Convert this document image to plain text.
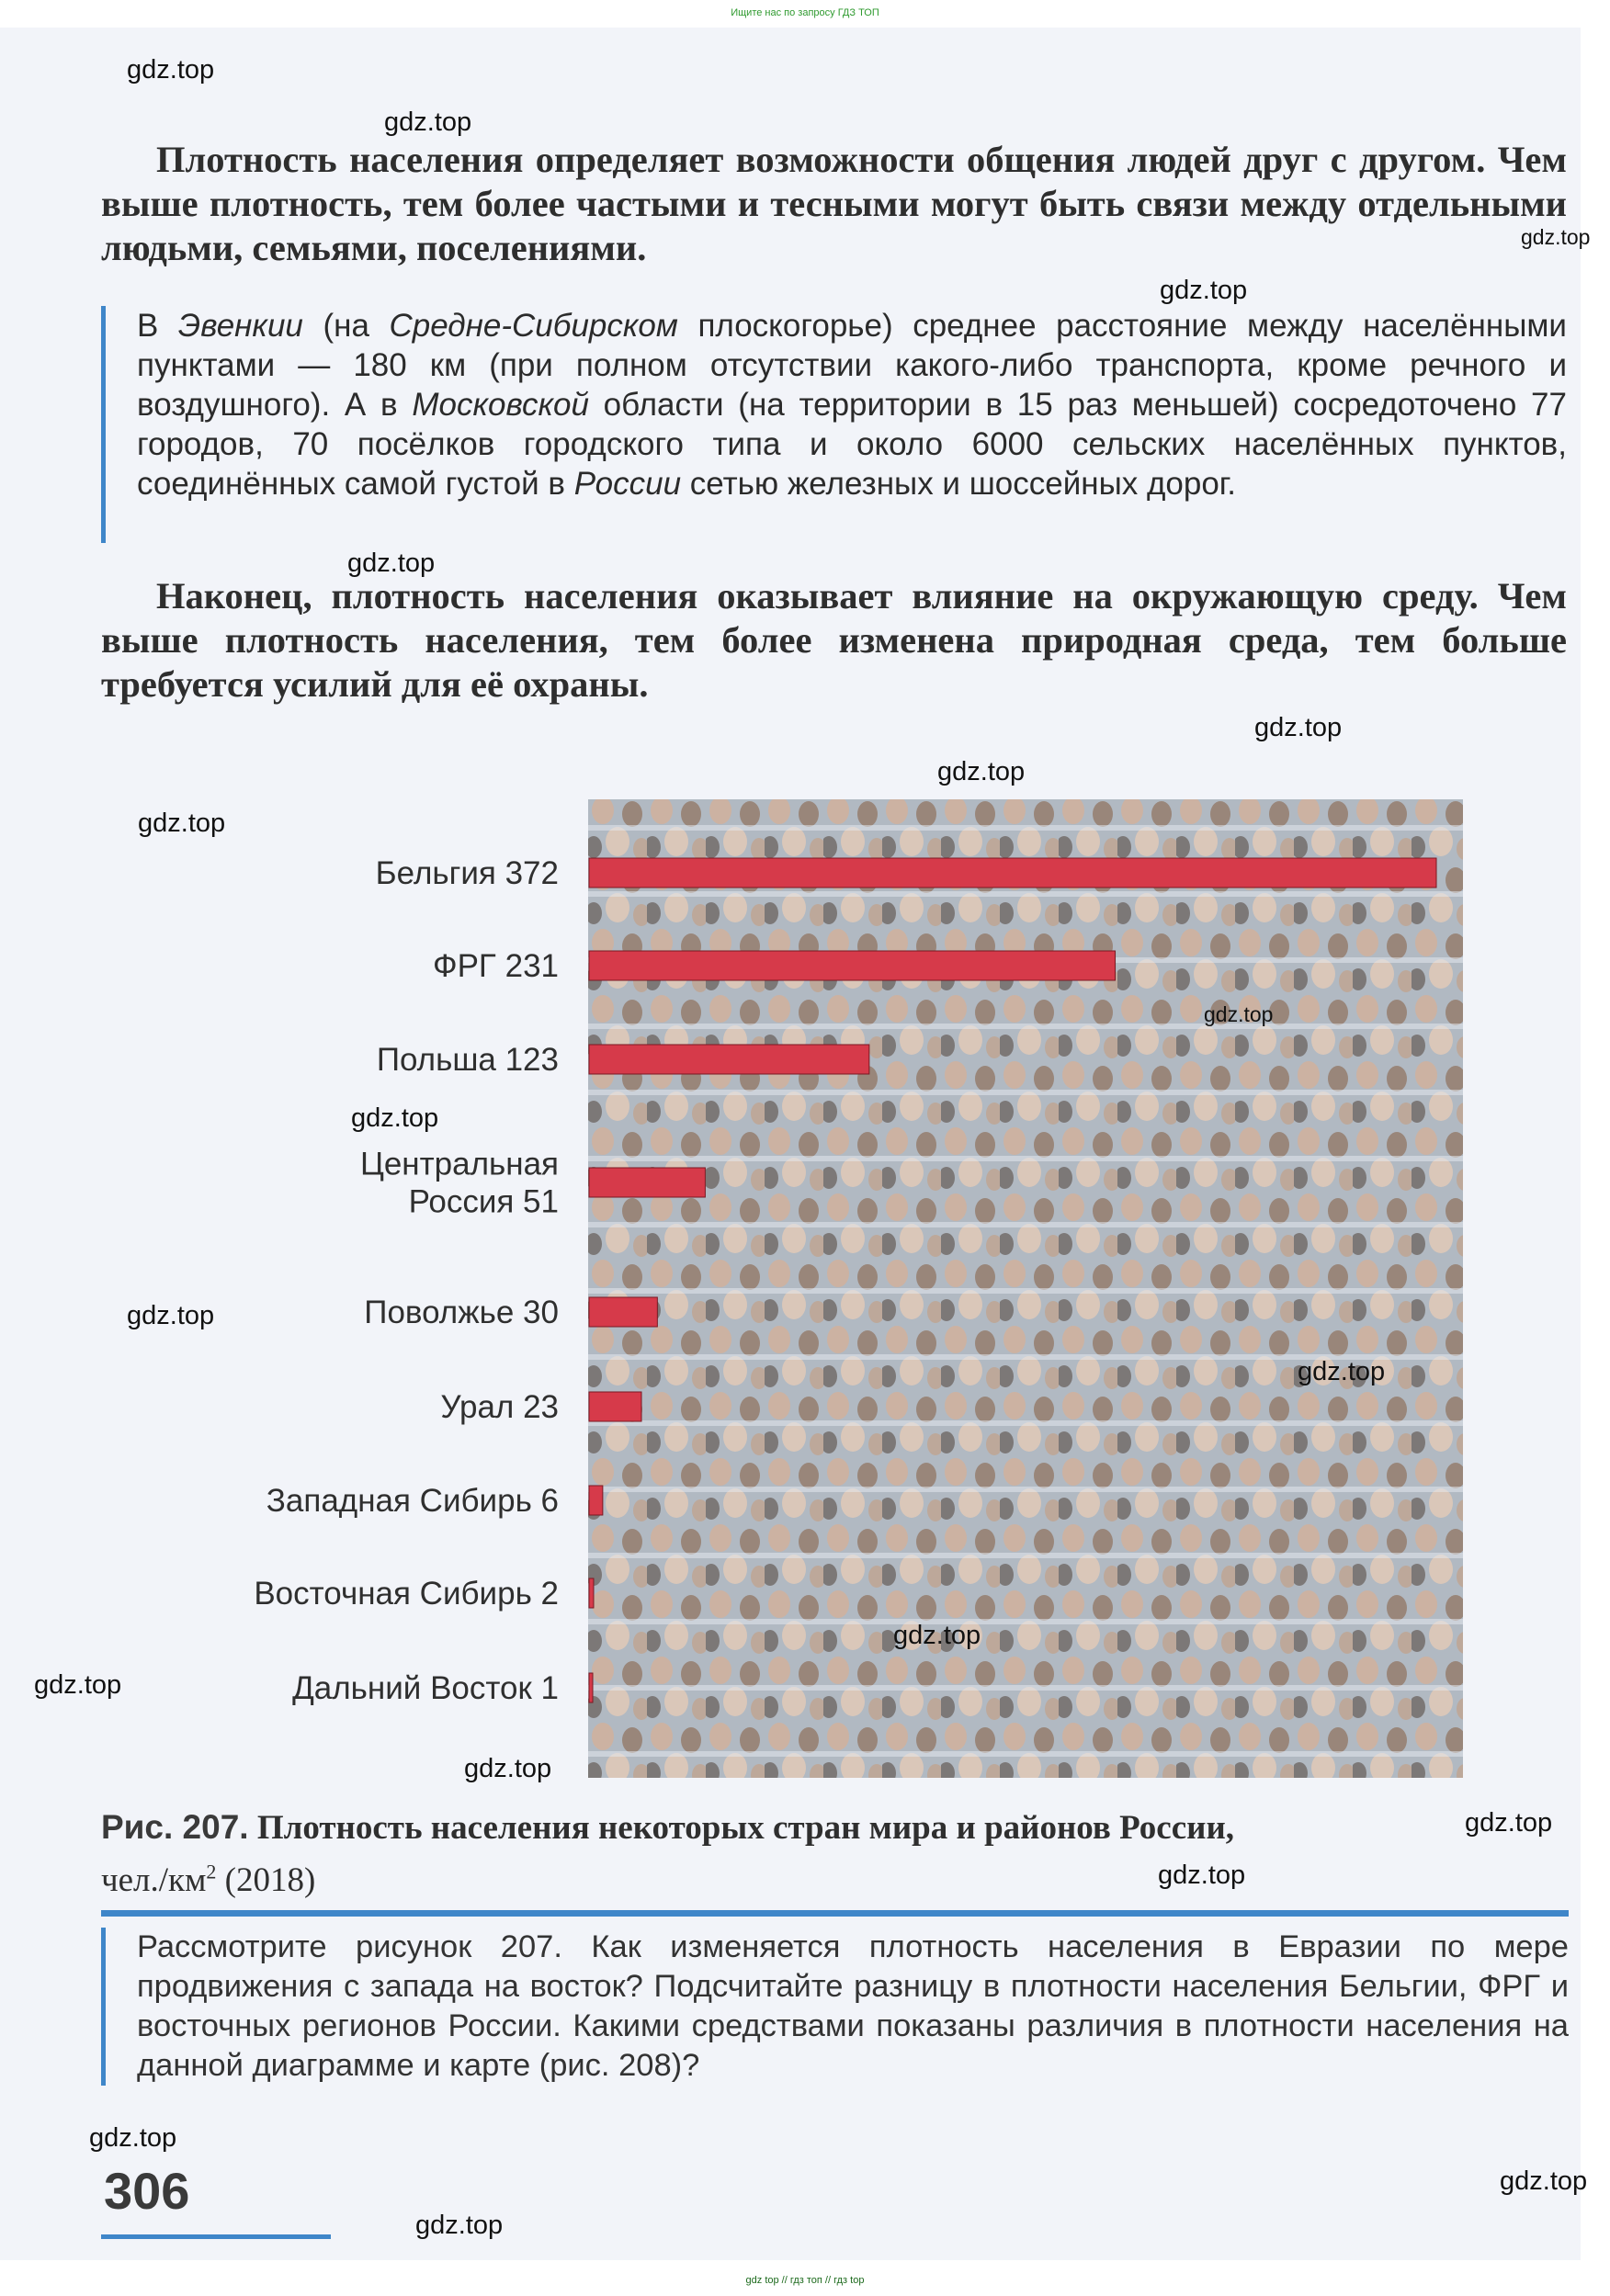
Ищите нас по запросу ГДЗ ТОП

Плотность населения определяет возможности общения людей друг с другом. Чем выше плотность, тем более частыми и тесными могут быть связи между отдельными людьми, семьями, поселениями.

В Эвенкии (на Средне-Сибирском плоскогорье) среднее расстояние между населёнными пунктами — 180 км (при полном отсутствии какого-либо транспорта, кроме речного и воздушного). А в Московской области (на территории в 15 раз меньшей) сосредоточено 77 городов, 70 посёлков городского типа и около 6000 сельских населённых пунктов, соединённых самой густой в России сетью железных и шоссейных дорог.

Наконец, плотность населения оказывает влияние на окружающую среду. Чем выше плотность населения, тем более изменена природная среда, тем больше требуется усилий для её охраны.

Бельгия 372
ФРГ 231
Польша 123
Центральная Россия 51
Поволжье 30
Урал 23
Западная Сибирь 6
Восточная Сибирь 2
Дальний Восток 1
Рис. 207. Плотность населения некоторых стран мира и районов России,
$чел./км^2$ (2018)
Рассмотрите рисунок 207. Как изменяется плотность населения в Евразии по мере продвижения с запада на восток? Подсчитайте разницу в плотности населения Бельгии, ФРГ и восточных регионов России. Какими средствами показаны различия в плотности населения на данной диаграмме и карте (рис. 208)?
306
gdz top // гдз топ // гдз top
gdz.top
gdz.top
gdz.top
gdz.top
gdz.top
gdz.top
gdz.top
gdz.top
gdz.top
gdz.top
gdz.top
gdz.top
gdz.top
gdz.top
gdz.top
gdz.top
gdz.top
gdz.top
gdz.top
gdz.top
